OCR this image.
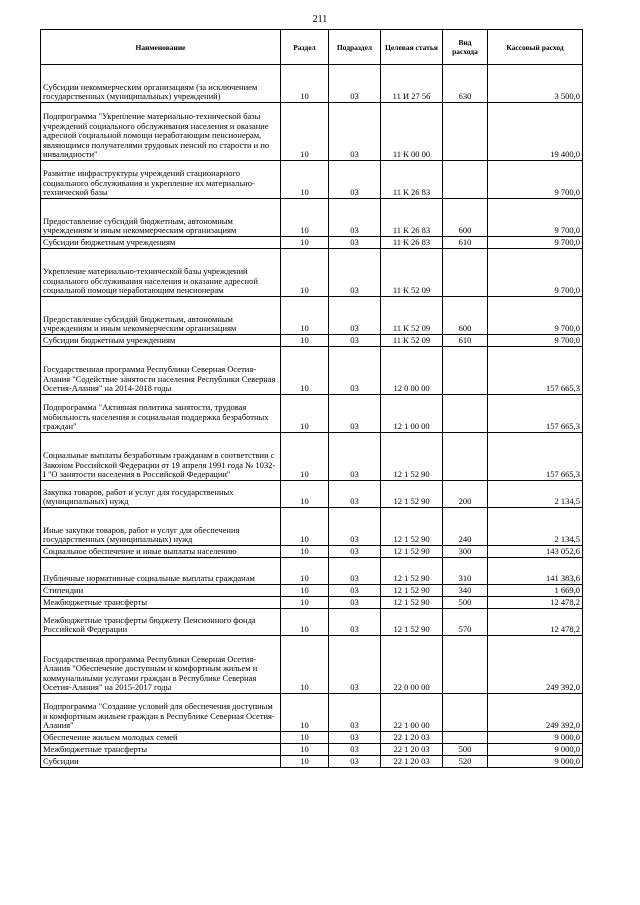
211
Наименование	Раздел	Подраздел	Целевая статья	Вид расхода	Кассовый расход
Субсидии некоммерческим организациям (за исключением государственных (муниципальных) учреждений)	10	03	11 И 27 56	630	3 500,0
Подпрограмма "Укрепление материально-технической базы учреждений социального обслуживания населения и оказание адресной социальной помощи неработающим пенсионерам, являющимся получателями трудовых пенсий по старости и по инвалидности"	10	03	11 К 00 00		19 400,0
Развитие инфраструктуры учреждений стационарного социального обслуживания и укрепление их материально-технической базы	10	03	11 К 26 83		9 700,0
Предоставление субсидий бюджетным, автономным учреждениям и иным некоммерческим организациям	10	03	11 К 26 83	600	9 700,0
Субсидии бюджетным учреждениям	10	03	11 К 26 83	610	9 700,0
Укрепление материально-технической базы учреждений социального обслуживания населения и оказание адресной социальной помощи неработающим пенсионерам	10	03	11 К 52 09		9 700,0
Предоставление субсидий бюджетным, автономным учреждениям и иным некоммерческим организациям	10	03	11 К 52 09	600	9 700,0
Субсидии бюджетным учреждениям	10	03	11 К 52 09	610	9 700,0
Государственная программа Республики Северная Осетия-Алания "Содействие занятости населения Республики Северная Осетия-Алания" на 2014-2018 годы	10	03	12 0 00 00		157 665,3
Подпрограмма "Активная политика занятости, трудовая мобильность населения и социальная поддержка безработных граждан"	10	03	12 1 00 00		157 665,3
Социальные выплаты безработным гражданам в соответствии с Законом Российской Федерации от 19 апреля 1991 года № 1032-I "О занятости населения в Российской Федерации"	10	03	12 1 52 90		157 665,3
Закупка товаров, работ и услуг для государственных (муниципальных) нужд	10	03	12 1 52 90	200	2 134,5
Иные закупки товаров, работ и услуг для обеспечения государственных (муниципальных) нужд	10	03	12 1 52 90	240	2 134,5
Социальное обеспечение и иные выплаты населению	10	03	12 1 52 90	300	143 052,6
Публичные нормативные социальные выплаты гражданам	10	03	12 1 52 90	310	141 383,6
Стипендии	10	03	12 1 52 90	340	1 669,0
Межбюджетные трансферты	10	03	12 1 52 90	500	12 478,2
Межбюджетные трансферты бюджету Пенсионного фонда Российской Федерации	10	03	12 1 52 90	570	12 478,2
Государственная программа Республики Северная Осетия-Алания "Обеспечение доступным и комфортным жильем и коммунальными услугами граждан в Республике Северная Осетия-Алания" на 2015-2017 годы	10	03	22 0 00 00		249 392,0
Подпрограмма "Создание условий для обеспечения доступным и комфортным жильем граждан в Республике Северная Осетия-Алания"	10	03	22 1 00 00		249 392,0
Обеспечение жильем молодых семей	10	03	22 1 20 03		9 000,0
Межбюджетные трансферты	10	03	22 1 20 03	500	9 000,0
Субсидии	10	03	22 1 20 03	520	9 000,0
